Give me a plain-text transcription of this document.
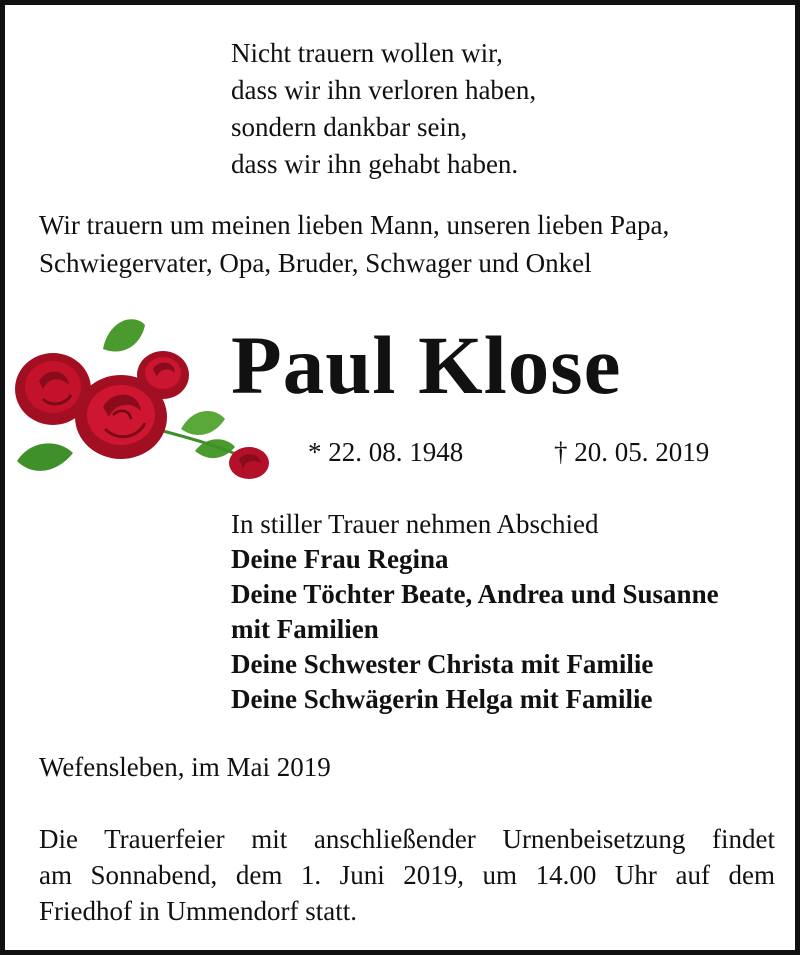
Nicht trauern wollen wir,
dass wir ihn verloren haben,
sondern dankbar sein,
dass wir ihn gehabt haben.
Wir trauern um meinen lieben Mann, unseren lieben Papa,
Schwiegervater, Opa, Bruder, Schwager und Onkel
Paul Klose
* 22. 08. 1948	† 20. 05. 2019
In stiller Trauer nehmen Abschied
Deine Frau Regina
Deine Töchter Beate, Andrea und Susanne
mit Familien
Deine Schwester Christa mit Familie
Deine Schwägerin Helga mit Familie
Wefensleben, im Mai 2019
Die Trauerfeier mit anschließender Urnenbeisetzung findet
am Sonnabend, dem 1. Juni 2019, um 14.00 Uhr auf dem
Friedhof in Ummendorf statt.
